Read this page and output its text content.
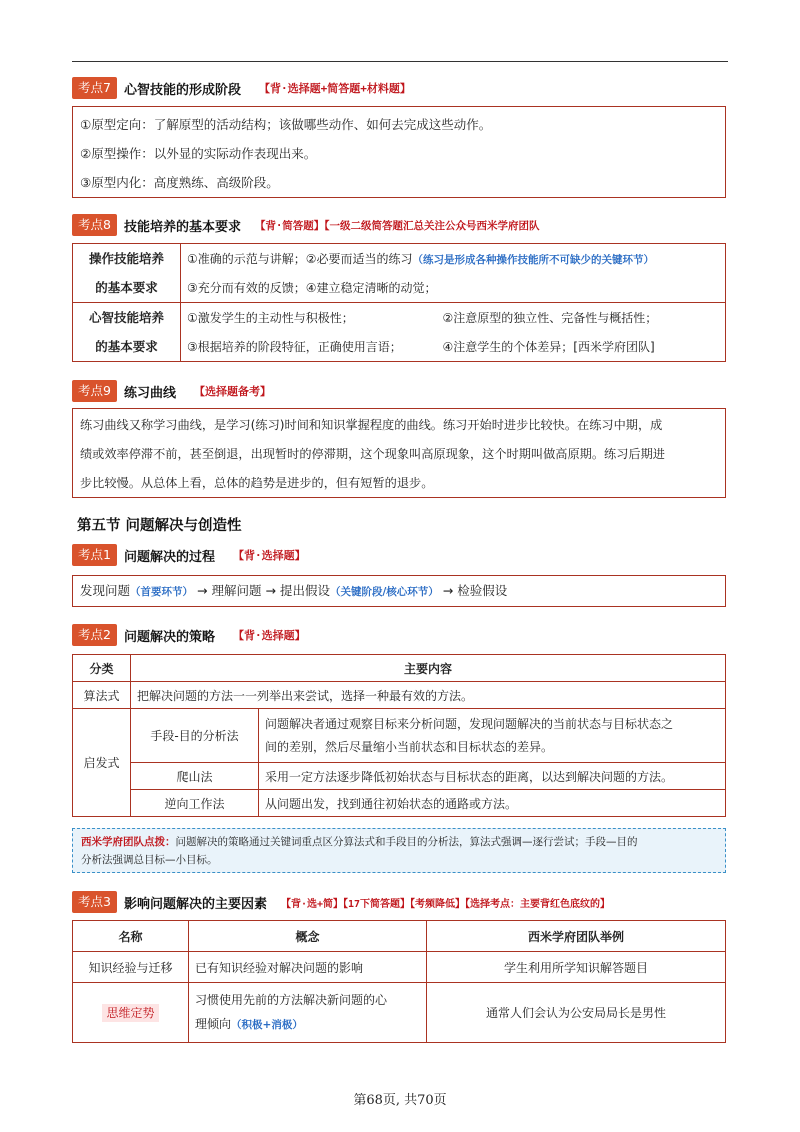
考点7	心智技能的形成阶段 【背·选择题+简答题+材料题】

①原型定向：了解原型的活动结构；该做哪些动作、如何去完成这些动作。

②原型操作：以外显的实际动作表现出来。

③原型内化：高度熟练、高级阶段。

考点8	技能培养的基本要求 【背·简答题】【一级二级简答题汇总关注公众号西米学府团队
操作技能培养
的基本要求	①准确的示范与讲解；②必要而适当的练习（练习是形成各种操作技能所不可缺少的关键环节）	
	③充分而有效的反馈；④建立稳定清晰的动觉；	

心智技能培养
的基本要求	①激发学生的主动性与积极性；	②注意原型的独立性、完备性与概括性；
	③根据培养的阶段特征，正确使用言语；	④注意学生的个体差异；[西米学府团队]
考点9	练习曲线 【选择题备考】

练习曲线又称学习曲线，是学习(练习)时间和知识掌握程度的曲线。练习开始时进步比较快。在练习中期，成

绩或效率停滞不前，甚至倒退，出现暂时的停滞期，这个现象叫高原现象，这个时期叫做高原期。练习后期进

步比较慢。从总体上看，总体的趋势是进步的，但有短暂的退步。

第五节 问题解决与创造性
考点1	问题解决的过程 【背·选择题】

发现问题（首要环节） → 理解问题 → 提出假设（关键阶段/核心环节） → 检验假设

考点2	问题解决的策略 【背·选择题】
分类	主要内容	
算法式	把解决问题的方法一一列举出来尝试，选择一种最有效的方法。	
启发式	手段-目的分析法	问题解决者通过观察目标来分析问题，发现问题解决的当前状态与目标状态之
间的差别，然后尽量缩小当前状态和目标状态的差异。

	爬山法	采用一定方法逐步降低初始状态与目标状态的距离，以达到解决问题的方法。
	逆向工作法	从问题出发，找到通往初始状态的通路或方法。
西米学府团队点拨：问题解决的策略通过关键词重点区分算法式和手段目的分析法，算法式强调—逐行尝试；手段—目的
分析法强调总目标—小目标。
考点3	影响问题解决的主要因素 【背·选+简】【17下简答题】【考频降低】【选择考点：主要背红色底纹的】
名称	概念	西米学府团队举例
知识经验与迁移	已有知识经验对解决问题的影响	学生利用所学知识解答题目
思维定势	习惯使用先前的方法解决新问题的心
理倾向（积极+消极）	通常人们会认为公安局局长是男性
第68页, 共70页
